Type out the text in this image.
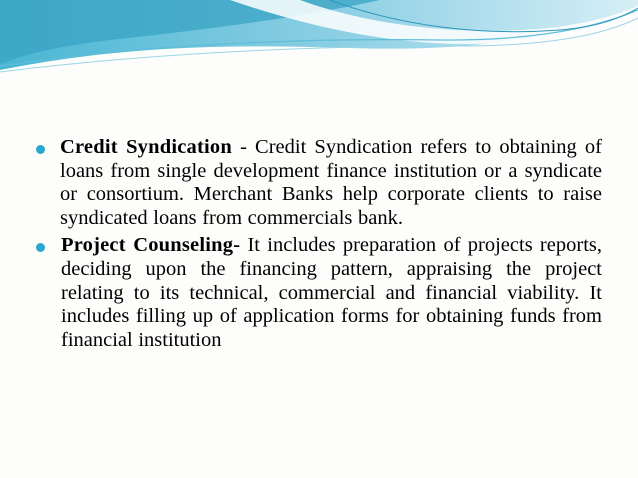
Credit Syndication - Credit Syndication refers to obtaining of loans from single development finance institution or a syndicate or consortium. Merchant Banks help corporate clients to raise syndicated loans from commercials bank.
Project Counseling- It includes preparation of projects reports, deciding upon the financing pattern, appraising the project relating to its technical, commercial and financial viability. It includes filling up of application forms for obtaining funds from financial institution
